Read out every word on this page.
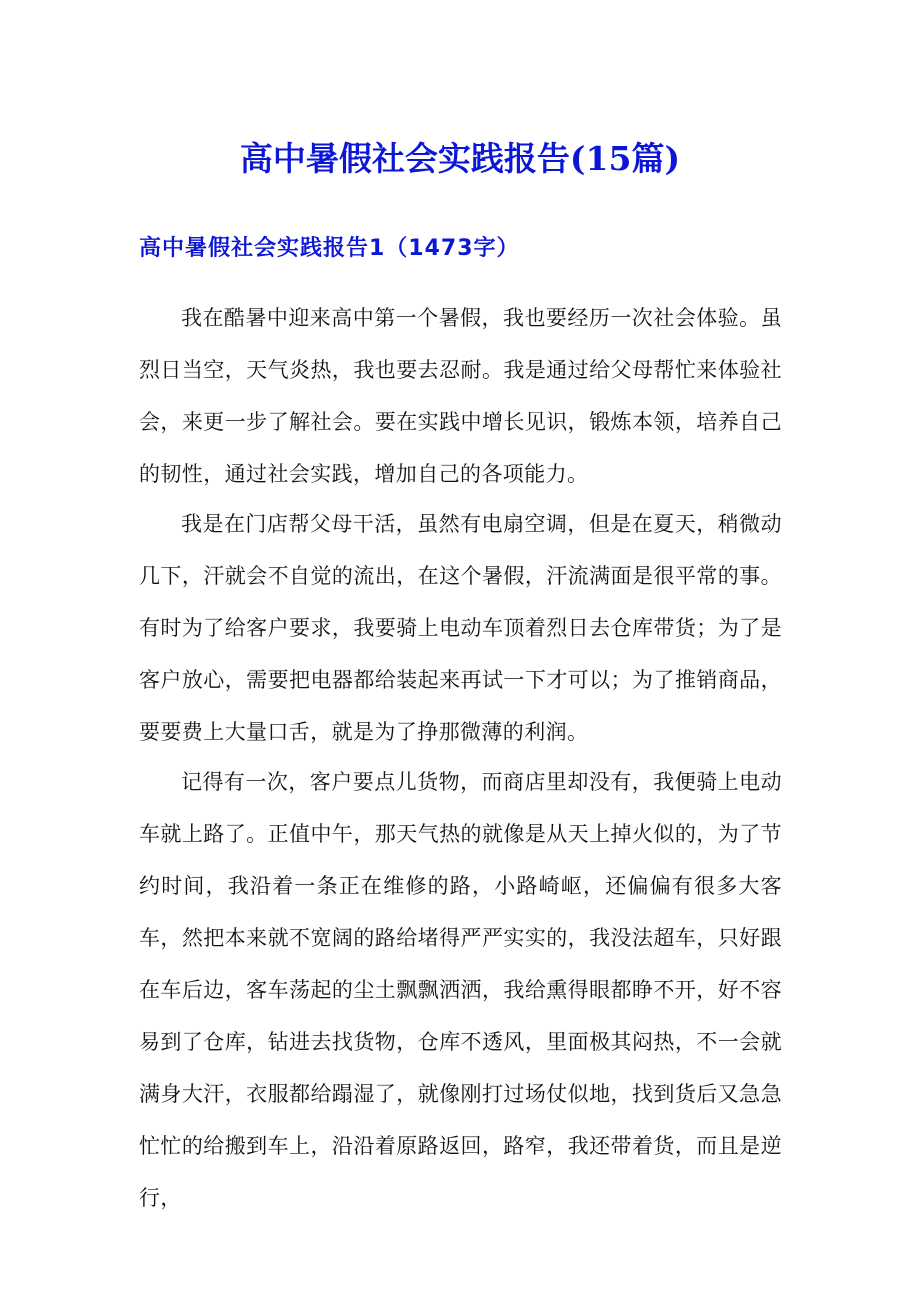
高中暑假社会实践报告(15篇)
高中暑假社会实践报告1（1473字）

我在酷暑中迎来高中第一个暑假，我也要经历一次社会体验。虽烈日当空，天气炎热，我也要去忍耐。我是通过给父母帮忙来体验社会，来更一步了解社会。要在实践中增长见识，锻炼本领，培养自己的韧性，通过社会实践，增加自己的各项能力。

我是在门店帮父母干活，虽然有电扇空调，但是在夏天，稍微动几下，汗就会不自觉的流出，在这个暑假，汗流满面是很平常的事。有时为了给客户要求，我要骑上电动车顶着烈日去仓库带货；为了是客户放心，需要把电器都给装起来再试一下才可以；为了推销商品，要要费上大量口舌，就是为了挣那微薄的利润。

记得有一次，客户要点儿货物，而商店里却没有，我便骑上电动车就上路了。正值中午，那天气热的就像是从天上掉火似的，为了节约时间，我沿着一条正在维修的路，小路崎岖，还偏偏有很多大客车，然把本来就不宽阔的路给堵得严严实实的，我没法超车，只好跟在车后边，客车荡起的尘土飘飘洒洒，我给熏得眼都睁不开，好不容易到了仓库，钻进去找货物，仓库不透风，里面极其闷热，不一会就满身大汗，衣服都给蹋湿了，就像刚打过场仗似地，找到货后又急急忙忙的给搬到车上，沿沿着原路返回，路窄，我还带着货，而且是逆行，
